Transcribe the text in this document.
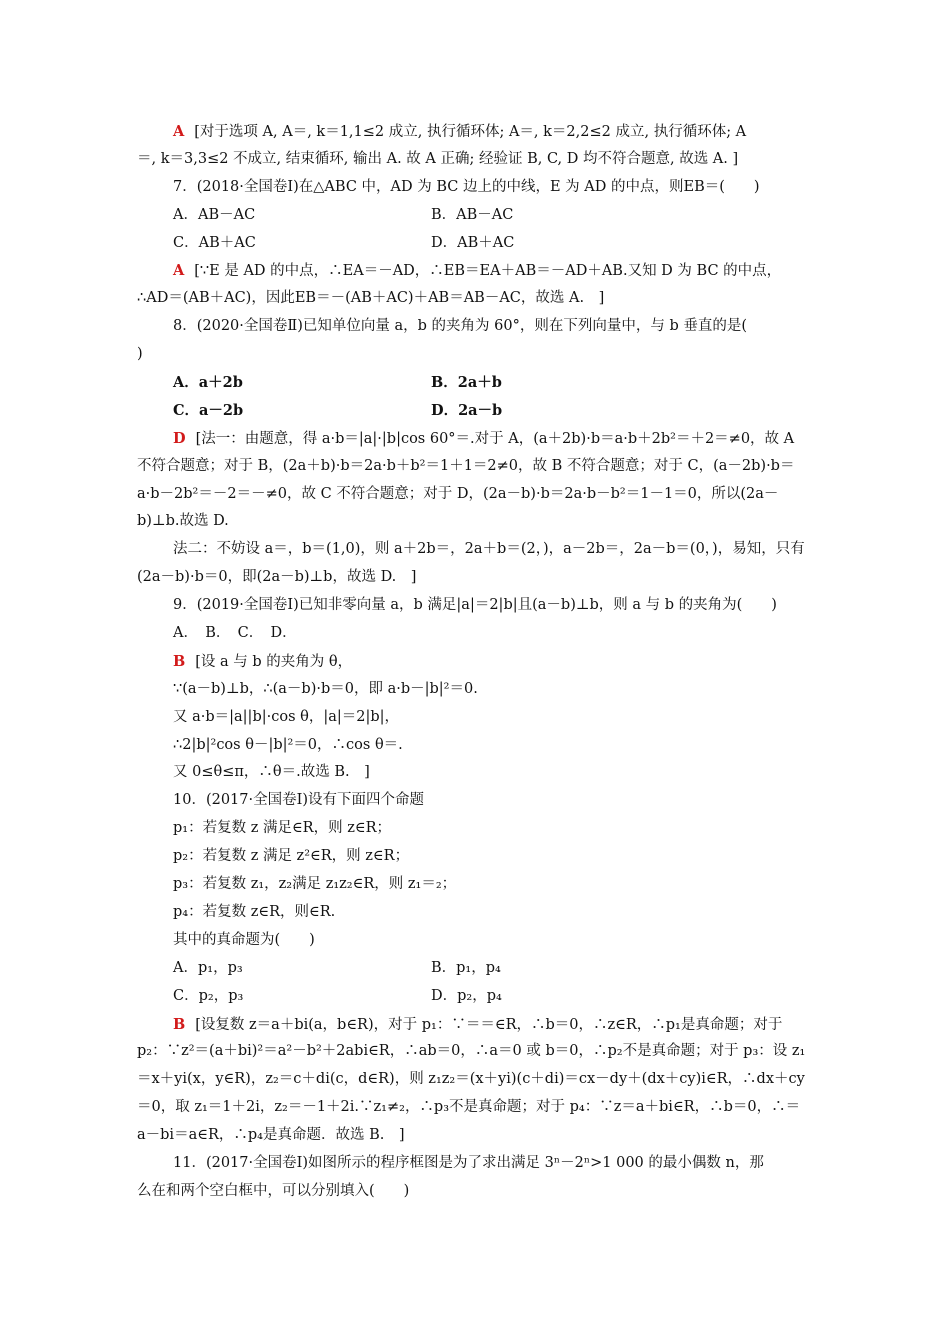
A [对于选项 A, A＝, k＝1,1≤2 成立, 执行循环体; A＝, k＝2,2≤2 成立, 执行循环体; A
＝, k＝3,3≤2 不成立, 结束循环, 输出 A. 故 A 正确; 经验证 B, C, D 均不符合题意, 故选 A. ]
7．(2018·全国卷Ⅰ)在△ABC 中，AD 为 BC 边上的中线，E 为 AD 的中点，则EB＝(　　)
A．AB－AC	B．AB－AC
C．AB＋AC	D．AB＋AC
A [∵E 是 AD 的中点，∴EA＝－AD，∴EB＝EA＋AB＝－AD＋AB.又知 D 为 BC 的中点，
∴AD＝(AB＋AC)，因此EB＝－(AB＋AC)＋AB＝AB－AC，故选 A.　]
8．(2020·全国卷Ⅱ)已知单位向量 a，b 的夹角为 60°，则在下列向量中，与 b 垂直的是(
)
A．a＋2b	B．2a＋b
C．a－2b	D．2a－b
D [法一：由题意，得 a·b＝|a|·|b|cos 60°＝.对于 A，(a＋2b)·b＝a·b＋2b²＝＋2＝≠0，故 A
不符合题意；对于 B，(2a＋b)·b＝2a·b＋b²＝1＋1＝2≠0，故 B 不符合题意；对于 C，(a－2b)·b＝
a·b－2b²＝－2＝－≠0，故 C 不符合题意；对于 D，(2a－b)·b＝2a·b－b²＝1－1＝0，所以(2a－
b)⊥b.故选 D.
法二：不妨设 a＝，b＝(1,0)，则 a＋2b＝，2a＋b＝(2，)，a－2b＝，2a－b＝(0，)，易知，只有
(2a－b)·b＝0，即(2a－b)⊥b，故选 D.　]
9．(2019·全国卷Ⅰ)已知非零向量 a，b 满足|a|＝2|b|且(a－b)⊥b，则 a 与 b 的夹角为(　　)
A．　B．　C．　D．
B [设 a 与 b 的夹角为 θ，
∵(a－b)⊥b，∴(a－b)·b＝0，即 a·b－|b|²＝0.
又 a·b＝|a||b|·cos θ，|a|＝2|b|，
∴2|b|²cos θ－|b|²＝0，∴cos θ＝.
又 0≤θ≤π，∴θ＝.故选 B.　]
10．(2017·全国卷Ⅰ)设有下面四个命题
p₁：若复数 z 满足∈R，则 z∈R；
p₂：若复数 z 满足 z²∈R，则 z∈R；
p₃：若复数 z₁，z₂满足 z₁z₂∈R，则 z₁＝₂；
p₄：若复数 z∈R，则∈R.
其中的真命题为(　　)
A．p₁，p₃	B．p₁，p₄
C．p₂，p₃	D．p₂，p₄
B [设复数 z＝a＋bi(a，b∈R)，对于 p₁：∵＝＝∈R，∴b＝0，∴z∈R，∴p₁是真命题；对于
p₂：∵z²＝(a＋bi)²＝a²－b²＋2abi∈R，∴ab＝0，∴a＝0 或 b＝0，∴p₂不是真命题；对于 p₃：设 z₁
＝x＋yi(x，y∈R)，z₂＝c＋di(c，d∈R)，则 z₁z₂＝(x＋yi)(c＋di)＝cx－dy＋(dx＋cy)i∈R，∴dx＋cy
＝0，取 z₁＝1＋2i，z₂＝－1＋2i.∵z₁≠₂，∴p₃不是真命题；对于 p₄：∵z＝a＋bi∈R，∴b＝0，∴＝
a－bi＝a∈R，∴p₄是真命题．故选 B.　]
11．(2017·全国卷Ⅰ)如图所示的程序框图是为了求出满足 3ⁿ－2ⁿ>1 000 的最小偶数 n，那
么在和两个空白框中，可以分别填入(　　)
